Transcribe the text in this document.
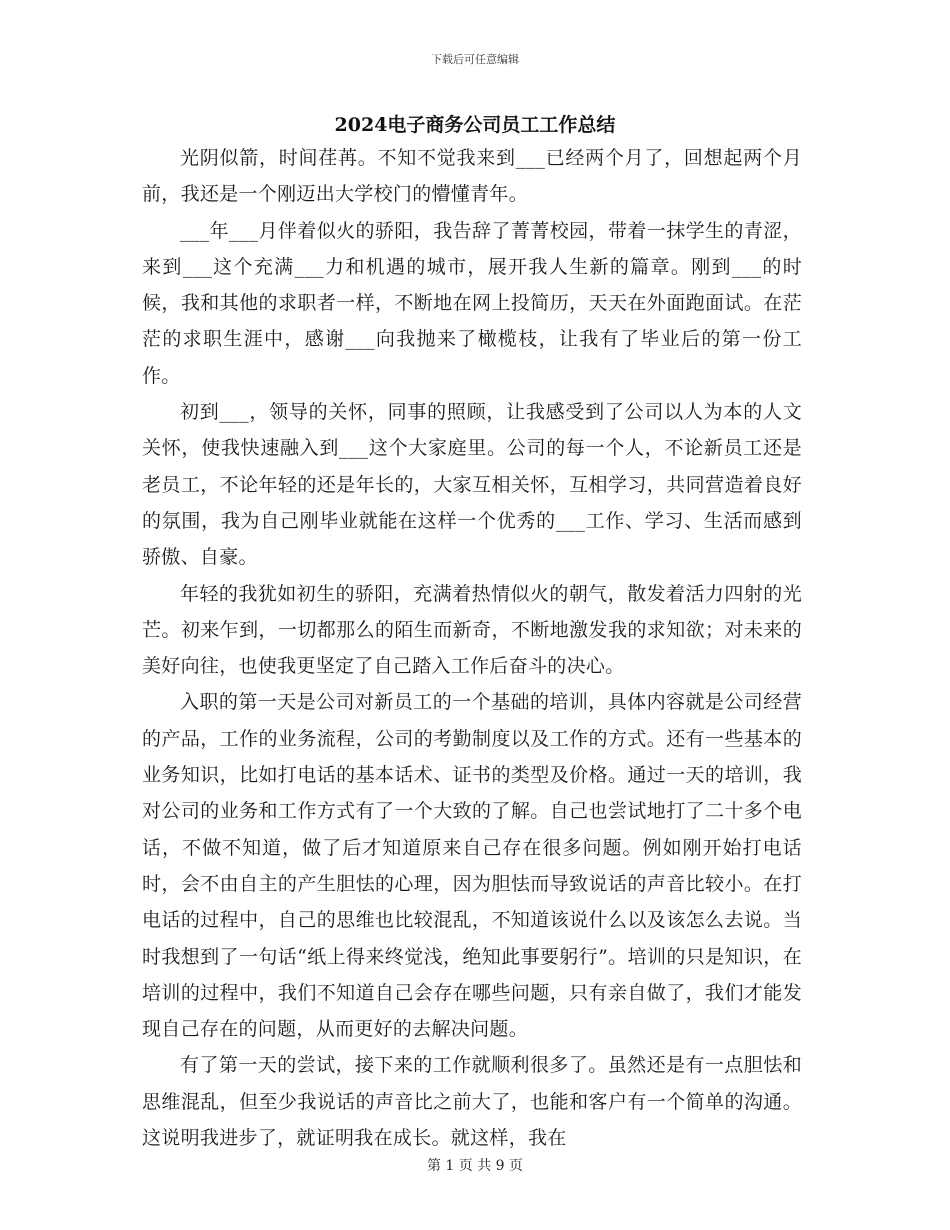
下载后可任意编辑
2024电子商务公司员工工作总结

光阴似箭，时间荏苒。不知不觉我来到___已经两个月了，回想起两个月前，我还是一个刚迈出大学校门的懵懂青年。

___年___月伴着似火的骄阳，我告辞了菁菁校园，带着一抹学生的青涩，来到___这个充满___力和机遇的城市，展开我人生新的篇章。刚到___的时候，我和其他的求职者一样，不断地在网上投简历，天天在外面跑面试。在茫茫的求职生涯中，感谢___向我抛来了橄榄枝，让我有了毕业后的第一份工作。

初到___，领导的关怀，同事的照顾，让我感受到了公司以人为本的人文关怀，使我快速融入到___这个大家庭里。公司的每一个人，不论新员工还是老员工，不论年轻的还是年长的，大家互相关怀，互相学习，共同营造着良好的氛围，我为自己刚毕业就能在这样一个优秀的___工作、学习、生活而感到骄傲、自豪。

年轻的我犹如初生的骄阳，充满着热情似火的朝气，散发着活力四射的光芒。初来乍到，一切都那么的陌生而新奇，不断地激发我的求知欲；对未来的美好向往，也使我更坚定了自己踏入工作后奋斗的决心。

入职的第一天是公司对新员工的一个基础的培训，具体内容就是公司经营的产品，工作的业务流程，公司的考勤制度以及工作的方式。还有一些基本的业务知识，比如打电话的基本话术、证书的类型及价格。通过一天的培训，我对公司的业务和工作方式有了一个大致的了解。自己也尝试地打了二十多个电话，不做不知道，做了后才知道原来自己存在很多问题。例如刚开始打电话时，会不由自主的产生胆怯的心理，因为胆怯而导致说话的声音比较小。在打电话的过程中，自己的思维也比较混乱，不知道该说什么以及该怎么去说。当时我想到了一句话“纸上得来终觉浅，绝知此事要躬行”。培训的只是知识，在培训的过程中，我们不知道自己会存在哪些问题，只有亲自做了，我们才能发现自己存在的问题，从而更好的去解决问题。

有了第一天的尝试，接下来的工作就顺利很多了。虽然还是有一点胆怯和思维混乱，但至少我说话的声音比之前大了，也能和客户有一个简单的沟通。这说明我进步了，就证明我在成长。就这样，我在

第 1 页 共 9 页
